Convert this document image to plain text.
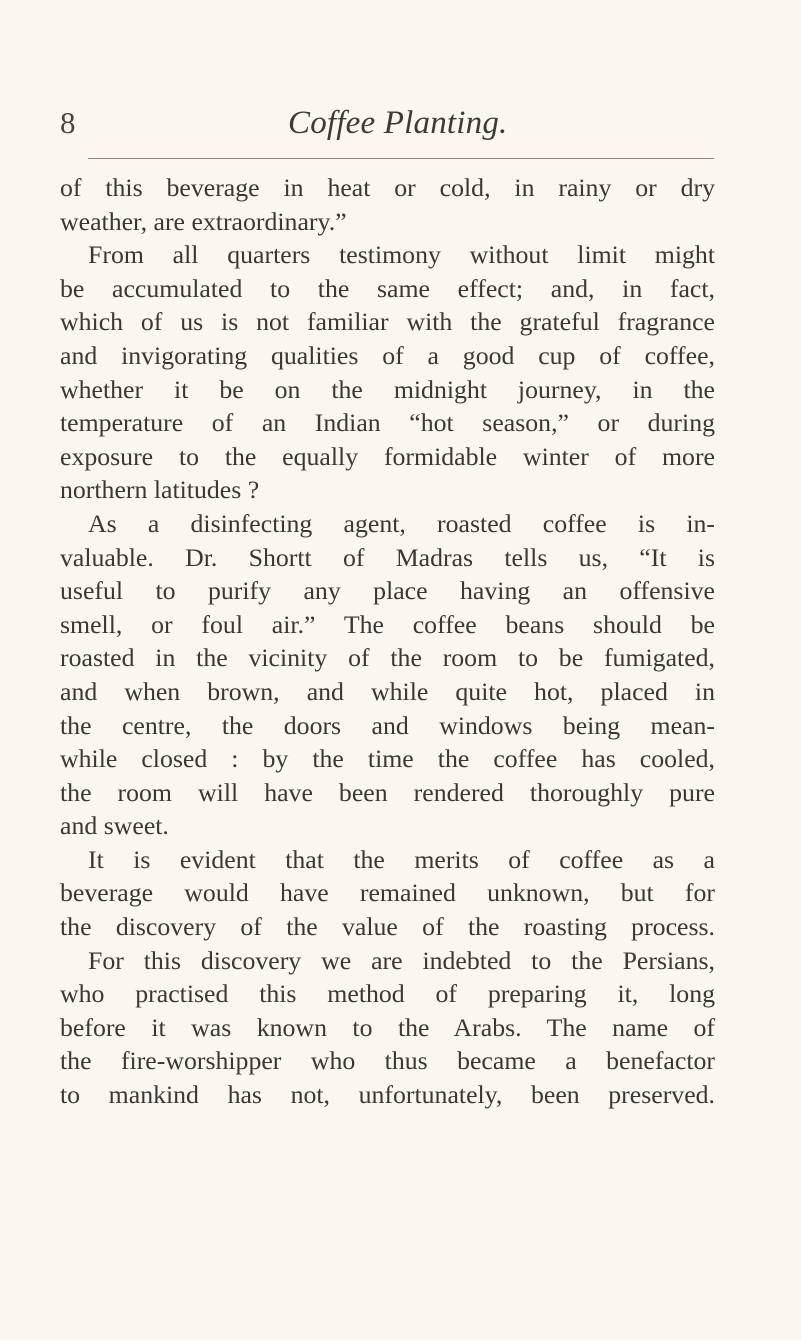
8	Coffee Planting.
of this beverage in heat or cold, in rainy or dry
weather, are extraordinary.”
From all quarters testimony without limit might
be accumulated to the same effect; and, in fact,
which of us is not familiar with the grateful fragrance
and invigorating qualities of a good cup of coffee,
whether it be on the midnight journey, in the
temperature of an Indian “hot season,” or during
exposure to the equally formidable winter of more
northern latitudes ?
As a disinfecting agent, roasted coffee is in-
valuable. Dr. Shortt of Madras tells us, “It is
useful to purify any place having an offensive
smell, or foul air.” The coffee beans should be
roasted in the vicinity of the room to be fumigated,
and when brown, and while quite hot, placed in
the centre, the doors and windows being mean-
while closed : by the time the coffee has cooled,
the room will have been rendered thoroughly pure
and sweet.
It is evident that the merits of coffee as a
beverage would have remained unknown, but for
the discovery of the value of the roasting process.
For this discovery we are indebted to the Persians,
who practised this method of preparing it, long
before it was known to the Arabs. The name of
the fire-worshipper who thus became a benefactor
to mankind has not, unfortunately, been preserved.
